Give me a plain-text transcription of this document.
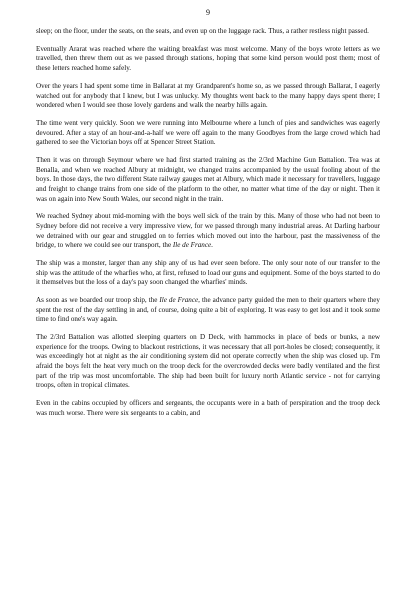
9

sleep; on the floor, under the seats, on the seats, and even up on the luggage rack. Thus, a rather restless night passed.

Eventually Ararat was reached where the waiting breakfast was most welcome. Many of the boys wrote letters as we travelled, then threw them out as we passed through stations, hoping that some kind person would post them; most of these letters reached home safely.

Over the years I had spent some time in Ballarat at my Grandparent's home so, as we passed through Ballarat, I eagerly watched out for anybody that I knew, but I was unlucky. My thoughts went back to the many happy days spent there; I wondered when I would see those lovely gardens and walk the nearby hills again.

The time went very quickly. Soon we were running into Melbourne where a lunch of pies and sandwiches was eagerly devoured. After a stay of an hour-and-a-half we were off again to the many Goodbyes from the large crowd which had gathered to see the Victorian boys off at Spencer Street Station.

Then it was on through Seymour where we had first started training as the 2/3rd Machine Gun Battalion. Tea was at Benalla, and when we reached Albury at midnight, we changed trains accompanied by the usual fooling about of the boys. In those days, the two different State railway gauges met at Albury, which made it necessary for travellers, luggage and freight to change trains from one side of the platform to the other, no matter what time of the day or night. Then it was on again into New South Wales, our second night in the train.

We reached Sydney about mid-morning with the boys well sick of the train by this. Many of those who had not been to Sydney before did not receive a very impressive view, for we passed through many industrial areas. At Darling harbour we detrained with our gear and struggled on to ferries which moved out into the harbour, past the massiveness of the bridge, to where we could see our transport, the Ile de France.

The ship was a monster, larger than any ship any of us had ever seen before. The only sour note of our transfer to the ship was the attitude of the wharfies who, at first, refused to load our guns and equipment. Some of the boys started to do it themselves but the loss of a day's pay soon changed the wharfies' minds.

As soon as we boarded our troop ship, the Ile de France, the advance party guided the men to their quarters where they spent the rest of the day settling in and, of course, doing quite a bit of exploring. It was easy to get lost and it took some time to find one's way again.

The 2/3rd Battalion was allotted sleeping quarters on D Deck, with hammocks in place of beds or bunks, a new experience for the troops. Owing to blackout restrictions, it was necessary that all port-holes be closed; consequently, it was exceedingly hot at night as the air conditioning system did not operate correctly when the ship was closed up. I'm afraid the boys felt the heat very much on the troop deck for the overcrowded decks were badly ventilated and the first part of the trip was most uncomfortable. The ship had been built for luxury north Atlantic service - not for carrying troops, often in tropical climates.

Even in the cabins occupied by officers and sergeants, the occupants were in a bath of perspiration and the troop deck was much worse. There were six sergeants to a cabin, and
